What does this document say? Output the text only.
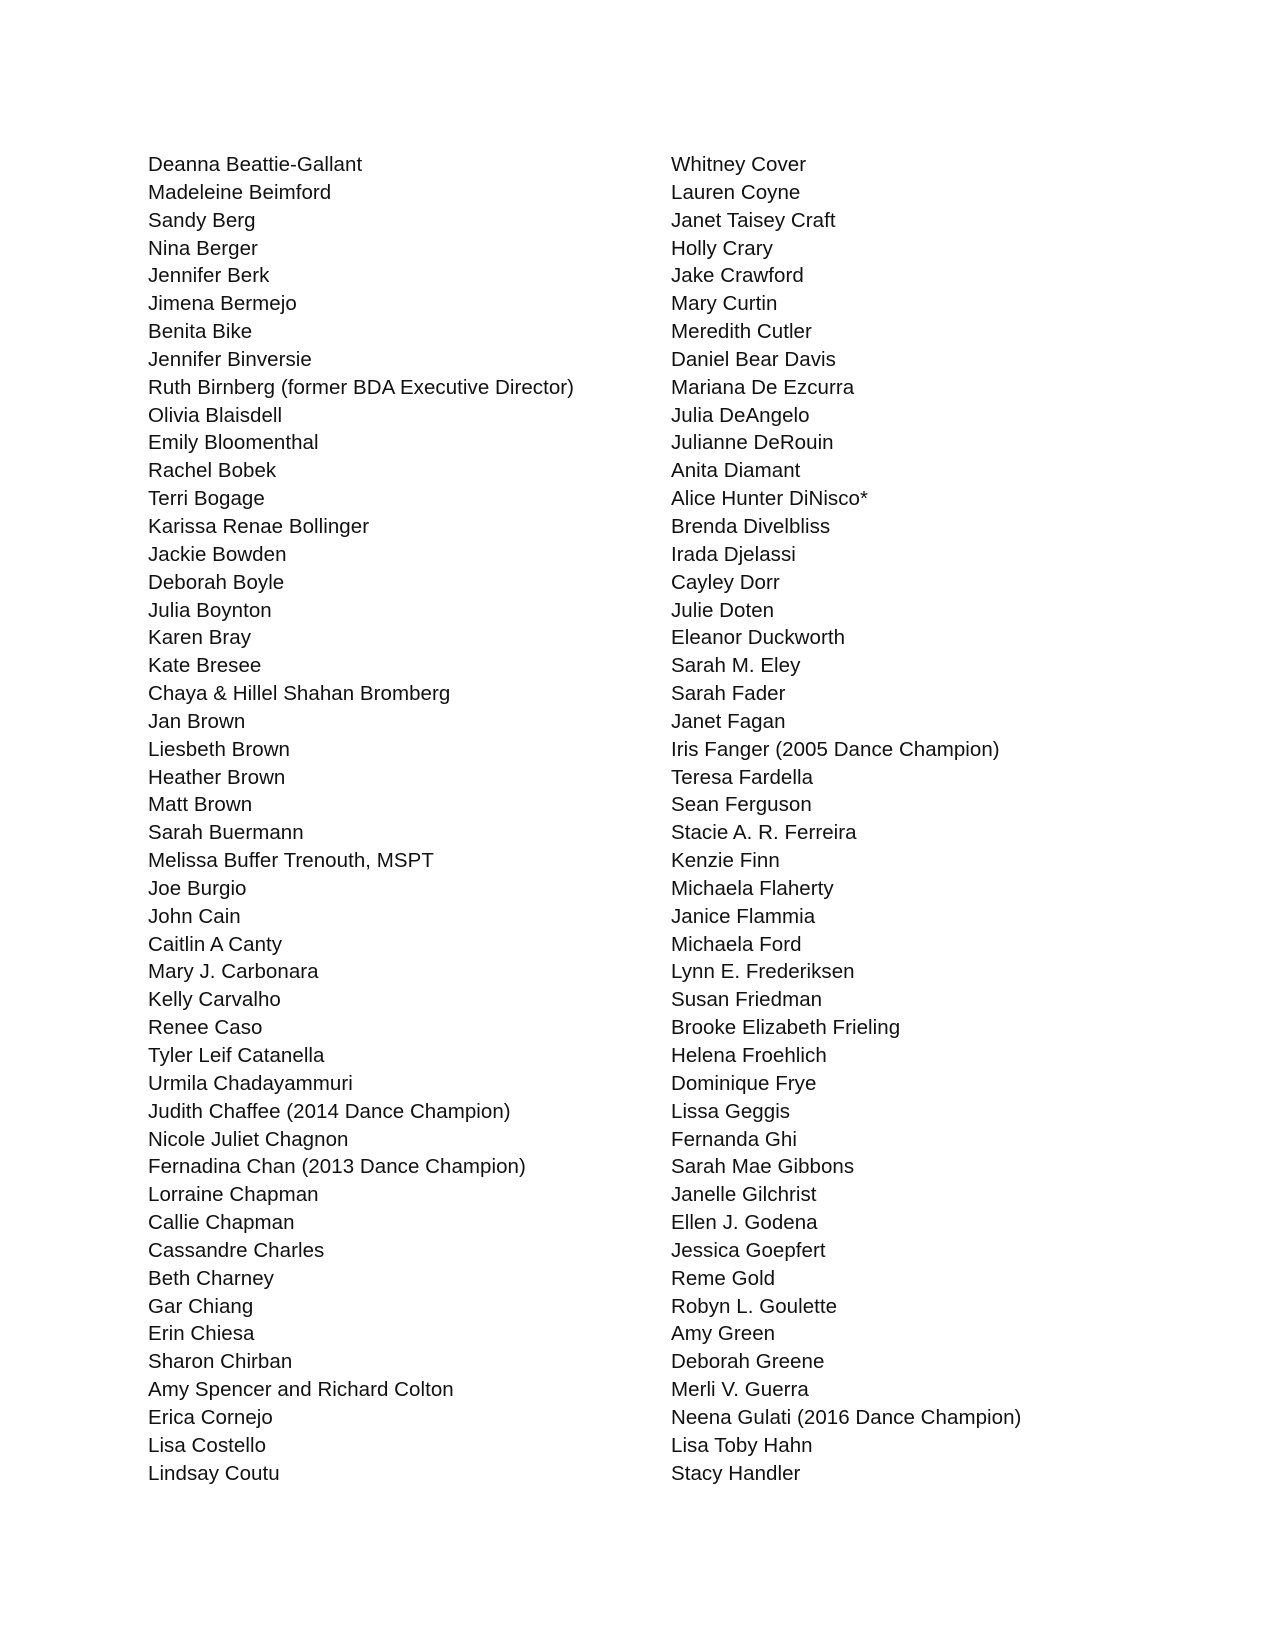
Deanna Beattie-Gallant
Madeleine Beimford
Sandy Berg
Nina Berger
Jennifer Berk
Jimena Bermejo
Benita Bike
Jennifer Binversie
Ruth Birnberg (former BDA Executive Director)
Olivia Blaisdell
Emily Bloomenthal
Rachel Bobek
Terri Bogage
Karissa Renae Bollinger
Jackie Bowden
Deborah Boyle
Julia Boynton
Karen Bray
Kate Bresee
Chaya & Hillel Shahan Bromberg
Jan Brown
Liesbeth Brown
Heather Brown
Matt Brown
Sarah Buermann
Melissa Buffer Trenouth, MSPT
Joe Burgio
John Cain
Caitlin A Canty
Mary J. Carbonara
Kelly Carvalho
Renee Caso
Tyler Leif Catanella
Urmila Chadayammuri
Judith Chaffee (2014 Dance Champion)
Nicole Juliet Chagnon
Fernadina Chan (2013 Dance Champion)
Lorraine Chapman
Callie Chapman
Cassandre Charles
Beth Charney
Gar Chiang
Erin Chiesa
Sharon Chirban
Amy Spencer and Richard Colton
Erica Cornejo
Lisa Costello
Lindsay Coutu
Whitney Cover
Lauren Coyne
Janet Taisey Craft
Holly Crary
Jake Crawford
Mary Curtin
Meredith Cutler
Daniel Bear Davis
Mariana De Ezcurra
Julia DeAngelo
Julianne DeRouin
Anita Diamant
Alice Hunter DiNisco*
Brenda Divelbliss
Irada Djelassi
Cayley Dorr
Julie Doten
Eleanor Duckworth
Sarah M. Eley
Sarah Fader
Janet Fagan
Iris Fanger (2005 Dance Champion)
Teresa Fardella
Sean Ferguson
Stacie A. R. Ferreira
Kenzie Finn
Michaela Flaherty
Janice Flammia
Michaela Ford
Lynn E. Frederiksen
Susan Friedman
Brooke Elizabeth Frieling
Helena Froehlich
Dominique Frye
Lissa Geggis
Fernanda Ghi
Sarah Mae Gibbons
Janelle Gilchrist
Ellen J. Godena
Jessica Goepfert
Reme Gold
Robyn L. Goulette
Amy Green
Deborah Greene
Merli V. Guerra
Neena Gulati (2016 Dance Champion)
Lisa Toby Hahn
Stacy Handler
